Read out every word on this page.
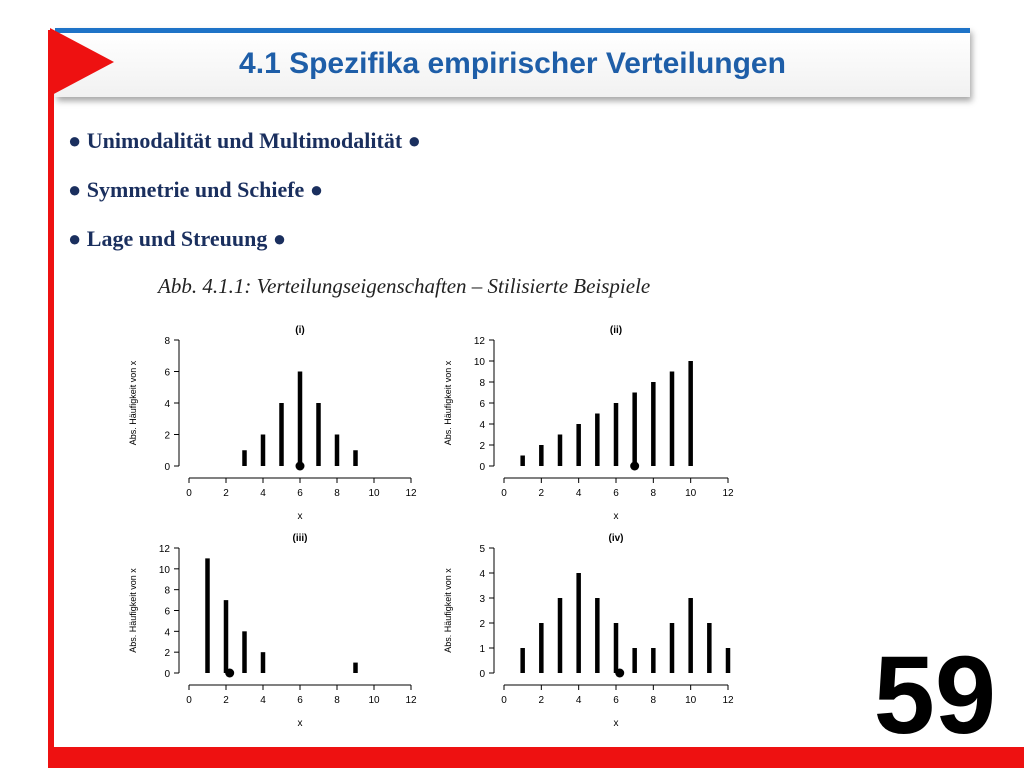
4.1 Spezifika empirischer Verteilungen
● Unimodalität und Multimodalität ●
● Symmetrie und Schiefe ●
● Lage und Streuung ●
Abb. 4.1.1: Verteilungseigenschaften – Stilisierte Beispiele
0	2	4	6	8	10	12
0
2
4
6
8
(i)
x
Abs. Häufigkeit von x
0	2	4	6	8	10	12
0
2
4
6
8
10
12
(ii)
x
Abs. Häufigkeit von x
0	2	4	6	8	10	12
0
2
4
6
8
10
12
(iii)
x
Abs. Häufigkeit von x
0	2	4	6	8	10	12
0
1
2
3
4
5
(iv)
x
Abs. Häufigkeit von x
59
